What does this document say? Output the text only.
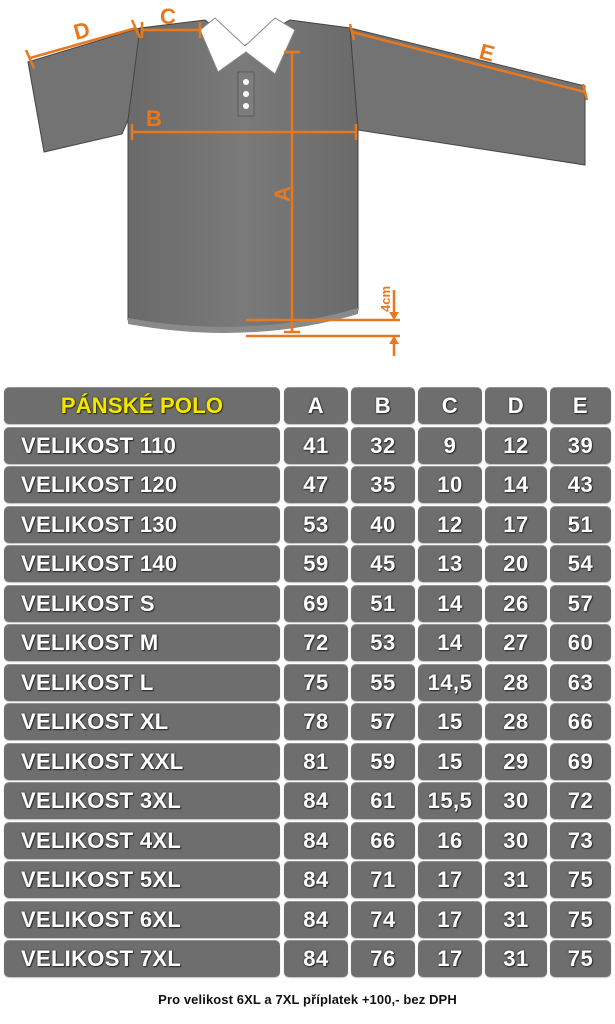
D
C
E
B
A
4cm
PÁNSKÉ POLO	A	B	C	D	E
VELIKOST 110	41	32	9	12	39
VELIKOST 120	47	35	10	14	43
VELIKOST 130	53	40	12	17	51
VELIKOST 140	59	45	13	20	54
VELIKOST S	69	51	14	26	57
VELIKOST M	72	53	14	27	60
VELIKOST L	75	55	14,5	28	63
VELIKOST XL	78	57	15	28	66
VELIKOST XXL	81	59	15	29	69
VELIKOST 3XL	84	61	15,5	30	72
VELIKOST 4XL	84	66	16	30	73
VELIKOST 5XL	84	71	17	31	75
VELIKOST 6XL	84	74	17	31	75
VELIKOST 7XL	84	76	17	31	75
Pro velikost 6XL a 7XL příplatek +100,- bez DPH
